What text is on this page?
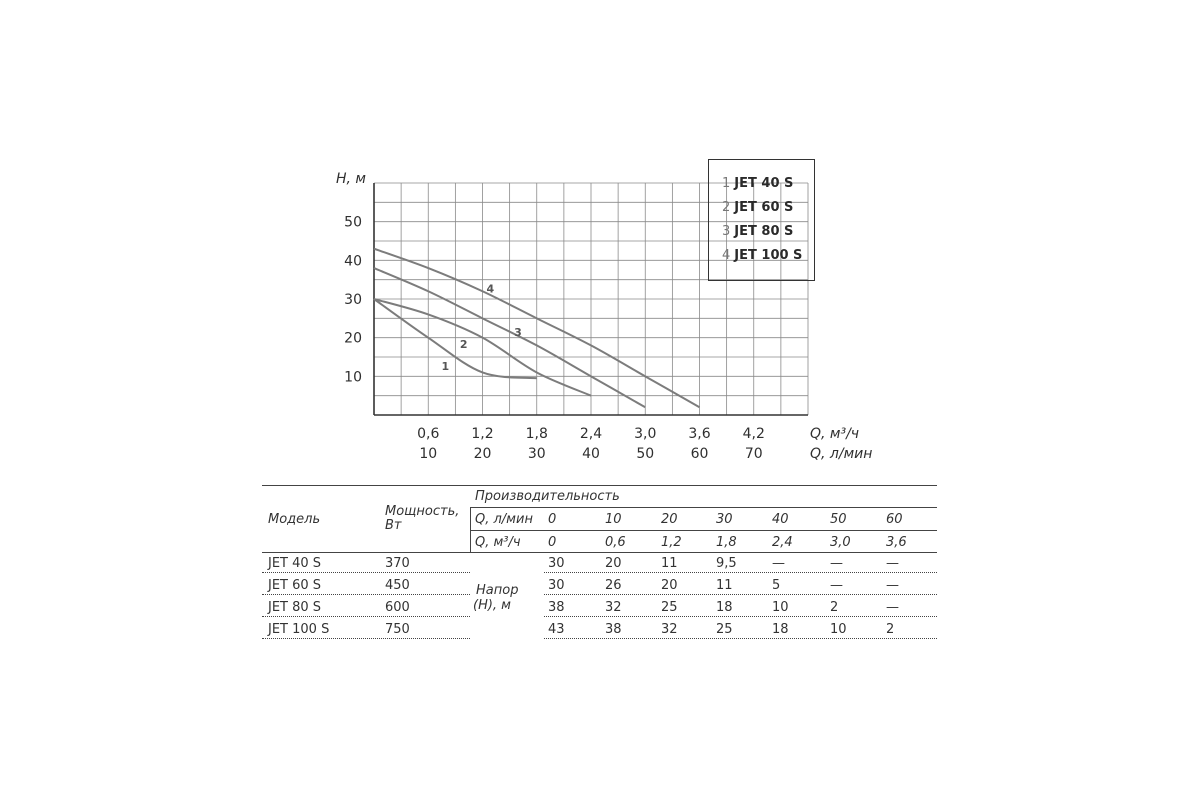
1
2
3
4
10
20
30
40
50
0,6 1,2 1,8 2,4 3,0 3,6 4,2
10	20	30	40	50	60	70
H, м
Q, м³/ч
Q, л/мин
1 JET 40 S
2 JET 60 S
3 JET 80 S
4 JET 100 S
Модель
Мощность,
Вт
Производительность
Q, л/мин
Q, м³/ч
0	10	20	30	40	50	60
0	0,6	1,2	1,8	2,4	3,0	3,6
Напор
(Н), м
JET 40 S	370	30	20	11	9,5	—	—	—
JET 60 S	450	30	26	20	11	5	—	—
JET 80 S	600	38	32	25	18	10	2	—
JET 100 S	750	43	38	32	25	18	10	2
